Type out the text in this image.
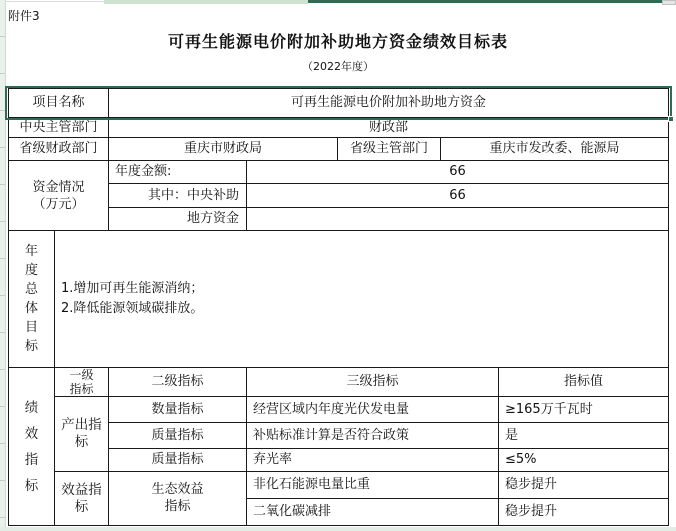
附件3
可再生能源电价附加补助地方资金绩效目标表
（2022年度）
项目名称	可再生能源电价附加补助地方资金
中央主管部门	财政部
省级财政部门	重庆市财政局	省级主管部门	重庆市发改委、能源局
资金情况
（万元）
年度金额:	66
其中：中央补助	66
地方资金
年度总体目标
1.增加可再生能源消纳；
2.降低能源领域碳排放。
绩效指标
一级指标	二级指标	三级指标	指标值
产出指标
数量指标	经营区域内年度光伏发电量	≥165万千瓦时
质量指标	补贴标准计算是否符合政策	是
质量指标	弃光率	≤5%
效益指标
生态效益指标
非化石能源电量比重	稳步提升
二氧化碳减排	稳步提升
